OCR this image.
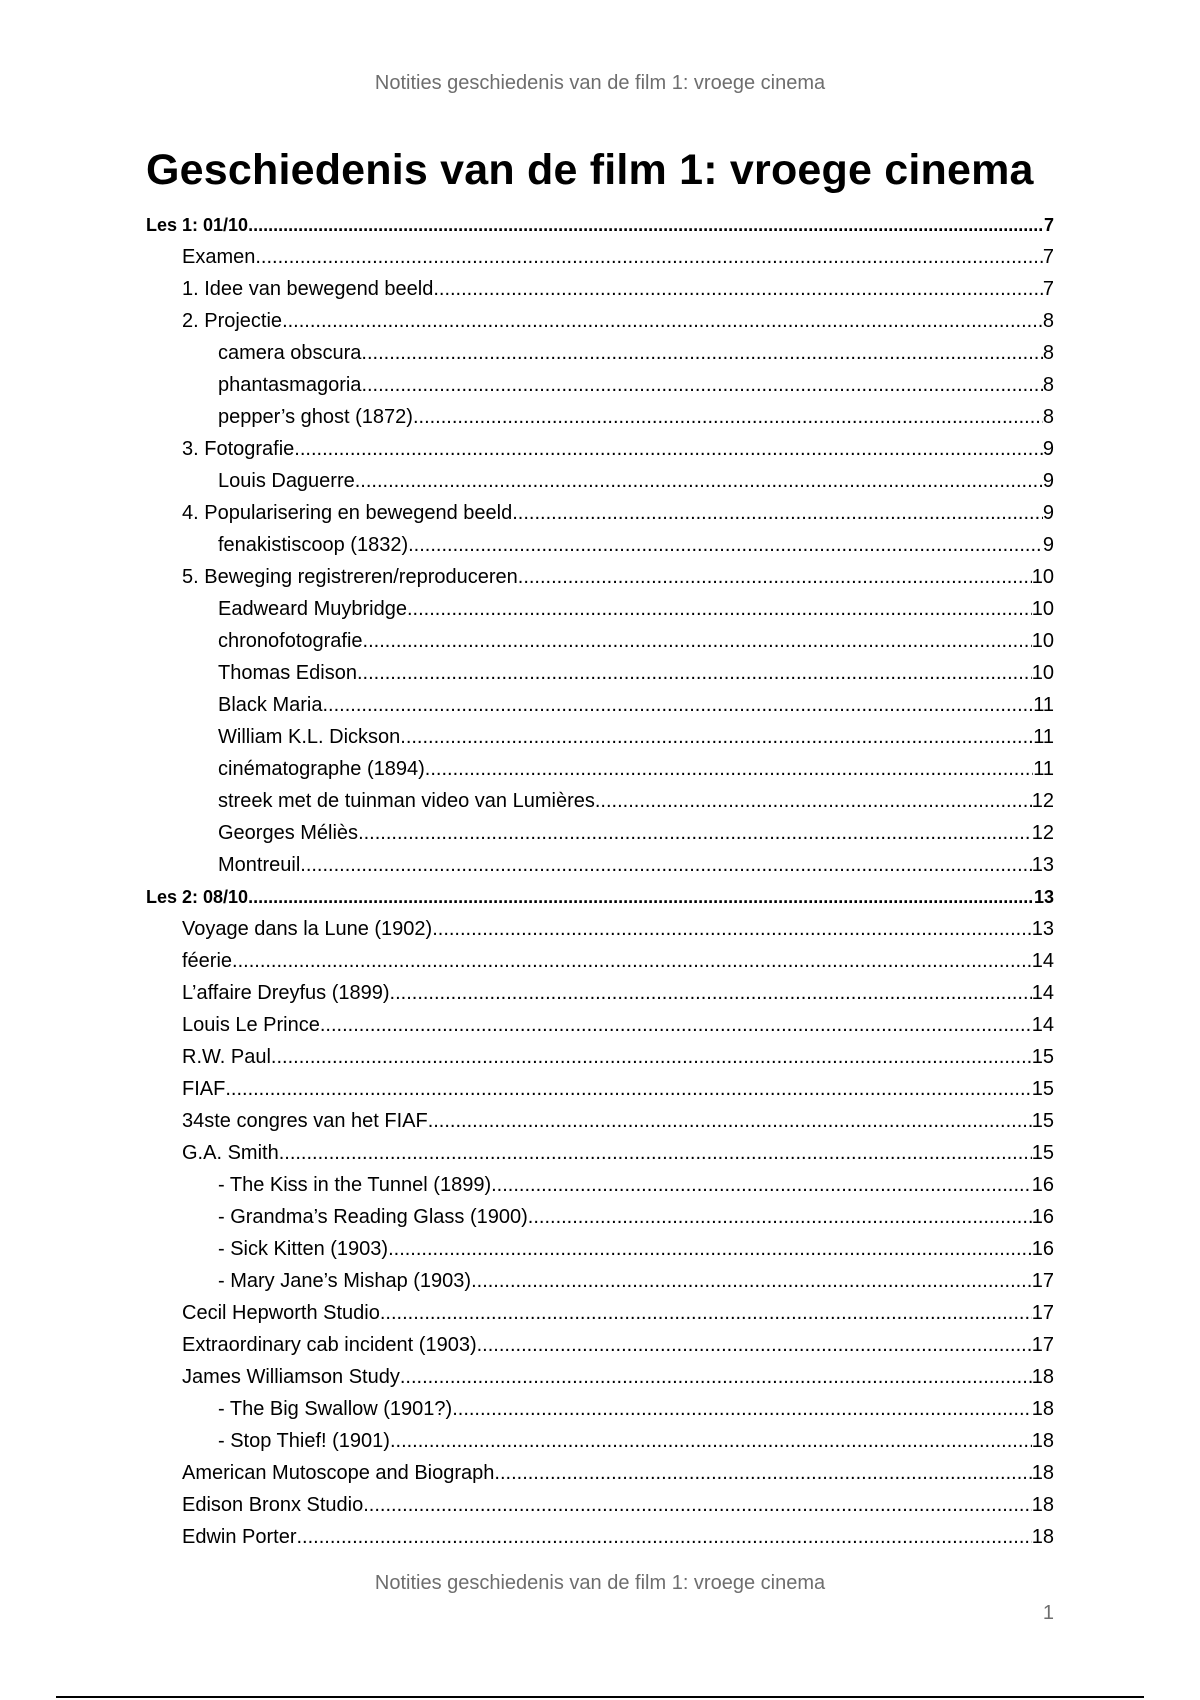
Notities geschiedenis van de film 1: vroege cinema
Geschiedenis van de film 1: vroege cinema
Les 1: 01/10 .....	7
Examen .....	7
1. Idee van bewegend beeld .....	7
2. Projectie .....	8
camera obscura .....	8
phantasmagoria .....	8
pepper’s ghost (1872) .....	8
3. Fotografie .....	9
Louis Daguerre .....	9
4. Popularisering en bewegend beeld .....	9
fenakistiscoop (1832) .....	9
5. Beweging registreren/reproduceren .....	10
Eadweard Muybridge .....	10
chronofotografie .....	10
Thomas Edison .....	10
Black Maria .....	11
William K.L. Dickson .....	11
cinématographe (1894) .....	11
streek met de tuinman video van Lumières .....	12
Georges Méliès .....	12
Montreuil .....	13
Les 2: 08/10 .....	13
Voyage dans la Lune (1902) .....	13
féerie .....	14
L’affaire Dreyfus (1899) .....	14
Louis Le Prince .....	14
R.W. Paul .....	15
FIAF .....	15
34ste congres van het FIAF .....	15
G.A. Smith .....	15
- The Kiss in the Tunnel (1899) .....	16
- Grandma’s Reading Glass (1900) .....	16
- Sick Kitten (1903) .....	16
- Mary Jane’s Mishap (1903) .....	17
Cecil Hepworth Studio .....	17
Extraordinary cab incident (1903) .....	17
James Williamson Study .....	18
- The Big Swallow (1901?) .....	18
- Stop Thief! (1901) .....	18
American Mutoscope and Biograph .....	18
Edison Bronx Studio .....	18
Edwin Porter .....	18
Notities geschiedenis van de film 1: vroege cinema
1
